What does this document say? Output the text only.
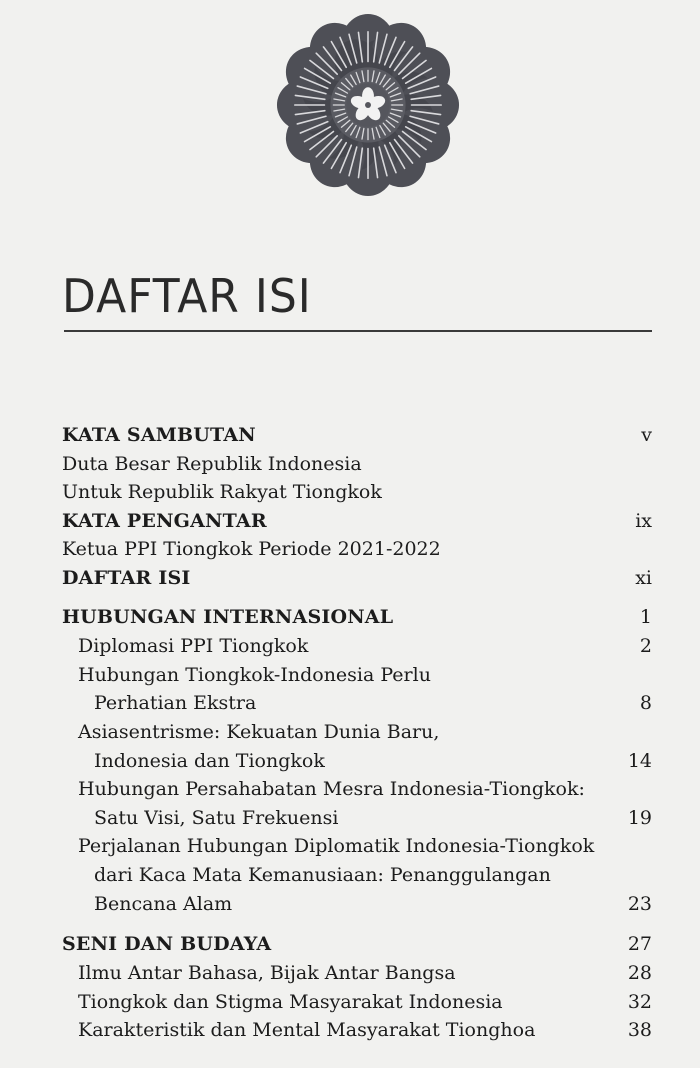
DAFTAR ISI
KATA SAMBUTAN	v
Duta Besar Republik Indonesia
Untuk Republik Rakyat Tiongkok
KATA PENGANTAR	ix
Ketua PPI Tiongkok Periode 2021-2022
DAFTAR ISI	xi
HUBUNGAN INTERNASIONAL	1
Diplomasi PPI Tiongkok	2
Hubungan Tiongkok-Indonesia Perlu
Perhatian Ekstra	8
Asiasentrisme: Kekuatan Dunia Baru,
Indonesia dan Tiongkok	14
Hubungan Persahabatan Mesra Indonesia-Tiongkok:
Satu Visi, Satu Frekuensi	19
Perjalanan Hubungan Diplomatik Indonesia-Tiongkok
dari Kaca Mata Kemanusiaan: Penanggulangan
Bencana Alam	23
SENI DAN BUDAYA	27
Ilmu Antar Bahasa, Bijak Antar Bangsa	28
Tiongkok dan Stigma Masyarakat Indonesia	32
Karakteristik dan Mental Masyarakat Tionghoa	38
